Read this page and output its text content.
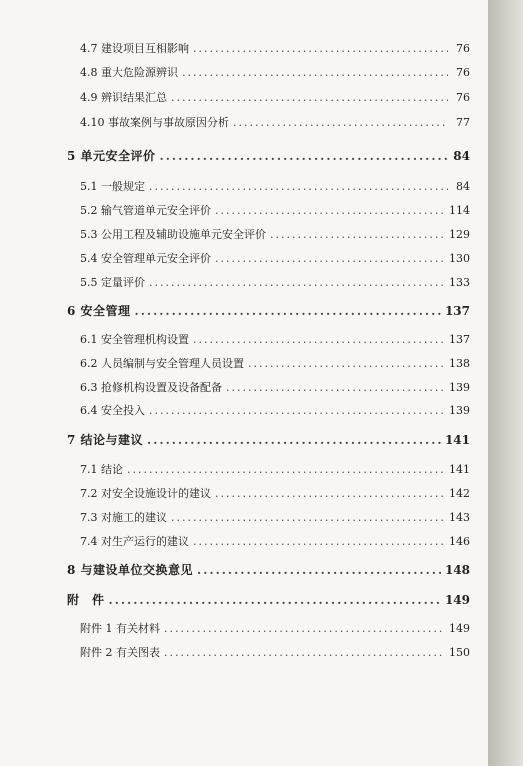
4.7 建设项目互相影响 .....	76
4.8 重大危险源辨识 .....	76
4.9 辨识结果汇总 .....	76
4.10 事故案例与事故原因分析 .....	77
5 单元安全评价 .....	84
5.1 一般规定 .....	84
5.2 输气管道单元安全评价 .....	114
5.3 公用工程及辅助设施单元安全评价 .....	129
5.4 安全管理单元安全评价 .....	130
5.5 定量评价 .....	133
6 安全管理 .....	137
6.1 安全管理机构设置 .....	137
6.2 人员编制与安全管理人员设置 .....	138
6.3 抢修机构设置及设备配备 .....	139
6.4 安全投入 .....	139
7 结论与建议 .....	141
7.1 结论 .....	141
7.2 对安全设施设计的建议 .....	142
7.3 对施工的建议 .....	143
7.4 对生产运行的建议 .....	146
8 与建设单位交换意见 .....	148
附　件 .....	149
附件 1 有关材料 .....	149
附件 2 有关图表 .....	150
